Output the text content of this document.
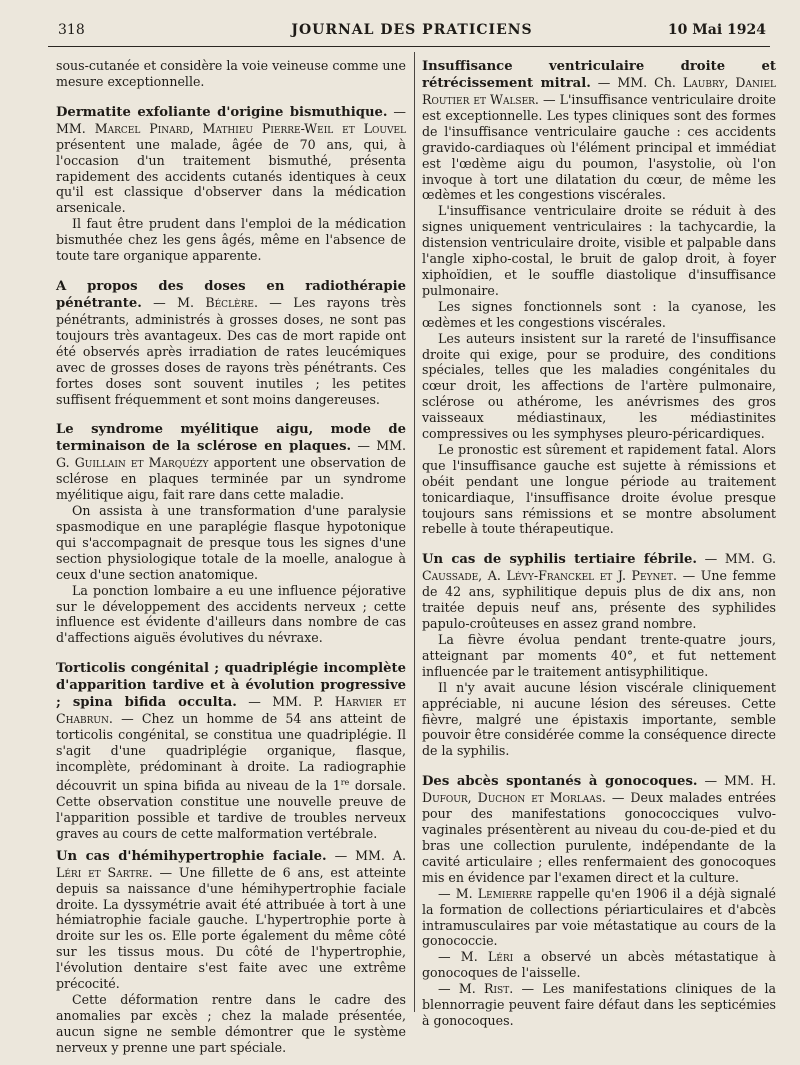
318	JOURNAL DES PRATICIENS	10 Mai 1924

sous-cutanée et considère la voie veineuse comme une mesure exceptionnelle.

Dermatite exfoliante d'origine bismuthique. — MM. Marcel Pinard, Mathieu Pierre-Weil et Louvel présentent une malade, âgée de 70 ans, qui, à l'occasion d'un traitement bismuthé, présenta rapidement des accidents cutanés identiques à ceux qu'il est classique d'observer dans la médication arsenicale.

Il faut être prudent dans l'emploi de la médication bismuthée chez les gens âgés, même en l'absence de toute tare organique apparente.

A propos des doses en radiothérapie pénétrante. — M. Béclère. — Les rayons très pénétrants, administrés à grosses doses, ne sont pas toujours très avantageux. Des cas de mort rapide ont été observés après irradiation de rates leucémiques avec de grosses doses de rayons très pénétrants. Ces fortes doses sont souvent inutiles ; les petites suffisent fréquemment et sont moins dangereuses.

Le syndrome myélitique aigu, mode de terminaison de la sclérose en plaques. — MM. G. Guillain et Marquézy apportent une observation de sclérose en plaques terminée par un syndrome myélitique aigu, fait rare dans cette maladie.

On assista à une transformation d'une paralysie spasmodique en une paraplégie flasque hypotonique qui s'accompagnait de presque tous les signes d'une section physiologique totale de la moelle, analogue à ceux d'une section anatomique.

La ponction lombaire a eu une influence péjorative sur le développement des accidents nerveux ; cette influence est évidente d'ailleurs dans nombre de cas d'affections aiguës évolutives du névraxe.

Torticolis congénital ; quadriplégie incomplète d'apparition tardive et à évolution progressive ; spina bifida occulta. — MM. P. Harvier et Chabrun. — Chez un homme de 54 ans atteint de torticolis congénital, se constitua une quadriplégie. Il s'agit d'une quadriplégie organique, flasque, incomplète, prédominant à droite. La radiographie découvrit un spina bifida au niveau de la 1re dorsale. Cette observation constitue une nouvelle preuve de l'apparition possible et tardive de troubles nerveux graves au cours de cette malformation vertébrale.

Un cas d'hémihypertrophie faciale. — MM. A. Léri et Sartre. — Une fillette de 6 ans, est atteinte depuis sa naissance d'une hémihypertrophie faciale droite. La dyssymétrie avait été attribuée à tort à une hémiatrophie faciale gauche. L'hypertrophie porte à droite sur les os. Elle porte également du même côté sur les tissus mous. Du côté de l'hypertrophie, l'évolution dentaire s'est faite avec une extrême précocité.

Cette déformation rentre dans le cadre des anomalies par excès ; chez la malade présentée, aucun signe ne semble démontrer que le système nerveux y prenne une part spéciale.

Insuffisance ventriculaire droite et rétrécissement mitral. — MM. Ch. Laubry, Daniel Routier et Walser. — L'insuffisance ventriculaire droite est exceptionnelle. Les types cliniques sont des formes de l'insuffisance ventriculaire gauche : ces accidents gravido-cardiaques où l'élément principal et immédiat est l'œdème aigu du poumon, l'asystolie, où l'on invoque à tort une dilatation du cœur, de même les œdèmes et les congestions viscérales.

L'insuffisance ventriculaire droite se réduit à des signes uniquement ventriculaires : la tachycardie, la distension ventriculaire droite, visible et palpable dans l'angle xipho-costal, le bruit de galop droit, à foyer xiphoïdien, et le souffle diastolique d'insuffisance pulmonaire.

Les signes fonctionnels sont : la cyanose, les œdèmes et les congestions viscérales.

Les auteurs insistent sur la rareté de l'insuffisance droite qui exige, pour se produire, des conditions spéciales, telles que les maladies congénitales du cœur droit, les affections de l'artère pulmonaire, sclérose ou athérome, les anévrismes des gros vaisseaux médiastinaux, les médiastinites compressives ou les symphyses pleuro-péricardiques.

Le pronostic est sûrement et rapidement fatal. Alors que l'insuffisance gauche est sujette à rémissions et obéit pendant une longue période au traitement tonicardiaque, l'insuffisance droite évolue presque toujours sans rémissions et se montre absolument rebelle à toute thérapeutique.

Un cas de syphilis tertiaire fébrile. — MM. G. Caussade, A. Lévy-Franckel et J. Peynet. — Une femme de 42 ans, syphilitique depuis plus de dix ans, non traitée depuis neuf ans, présente des syphilides papulo-croûteuses en assez grand nombre.

La fièvre évolua pendant trente-quatre jours, atteignant par moments 40°, et fut nettement influencée par le traitement antisyphilitique.

Il n'y avait aucune lésion viscérale cliniquement appréciable, ni aucune lésion des séreuses. Cette fièvre, malgré une épistaxis importante, semble pouvoir être considérée comme la conséquence directe de la syphilis.

Des abcès spontanés à gonocoques. — MM. H. Dufour, Duchon et Morlaas. — Deux malades entrées pour des manifestations gonococciques vulvo-vaginales présentèrent au niveau du cou-de-pied et du bras une collection purulente, indépendante de la cavité articulaire ; elles renfermaient des gonocoques mis en évidence par l'examen direct et la culture.

— M. Lemierre rappelle qu'en 1906 il a déjà signalé la formation de collections périarticulaires et d'abcès intramusculaires par voie métastatique au cours de la gonococcie.

— M. Léri a observé un abcès métastatique à gonocoques de l'aisselle.

— M. Rist. — Les manifestations cliniques de la blennorragie peuvent faire défaut dans les septicémies à gonocoques.
